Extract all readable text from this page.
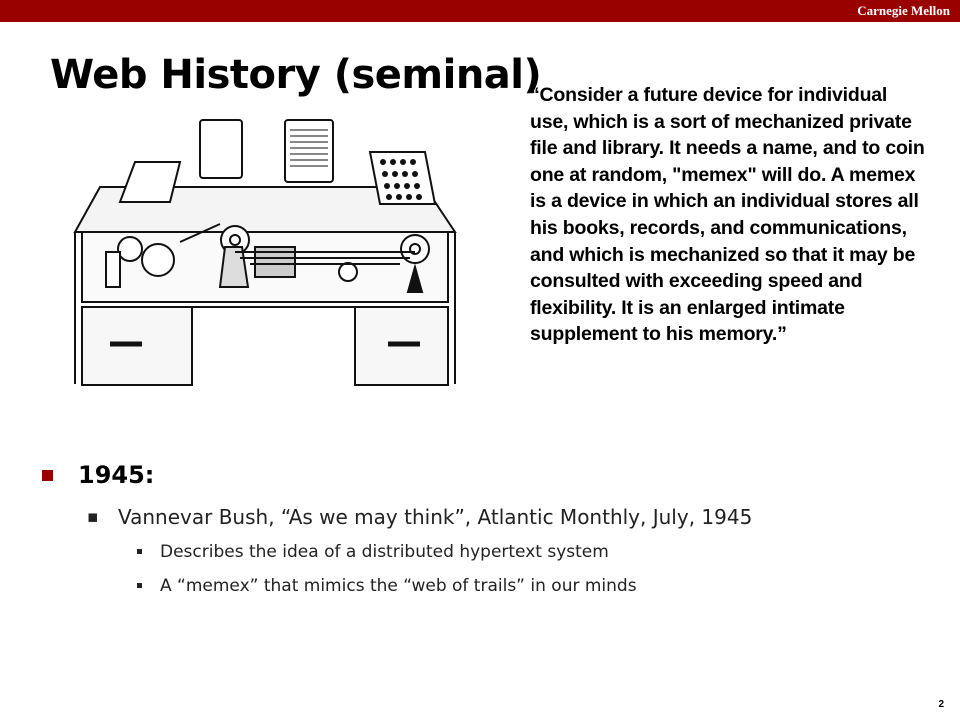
Carnegie Mellon
Web History (seminal)
“Consider a future device for individual use, which is a sort of mechanized private file and library. It needs a name, and to coin one at random, "memex" will do. A memex is a device in which an individual stores all his books, records, and communications, and which is mechanized so that it may be consulted with exceeding speed and flexibility. It is an enlarged intimate supplement to his memory.”
1945:
▪ Vannevar Bush, “As we may think”, Atlantic Monthly, July, 1945
Describes the idea of a distributed hypertext system
A “memex” that mimics the “web of trails” in our minds
2
